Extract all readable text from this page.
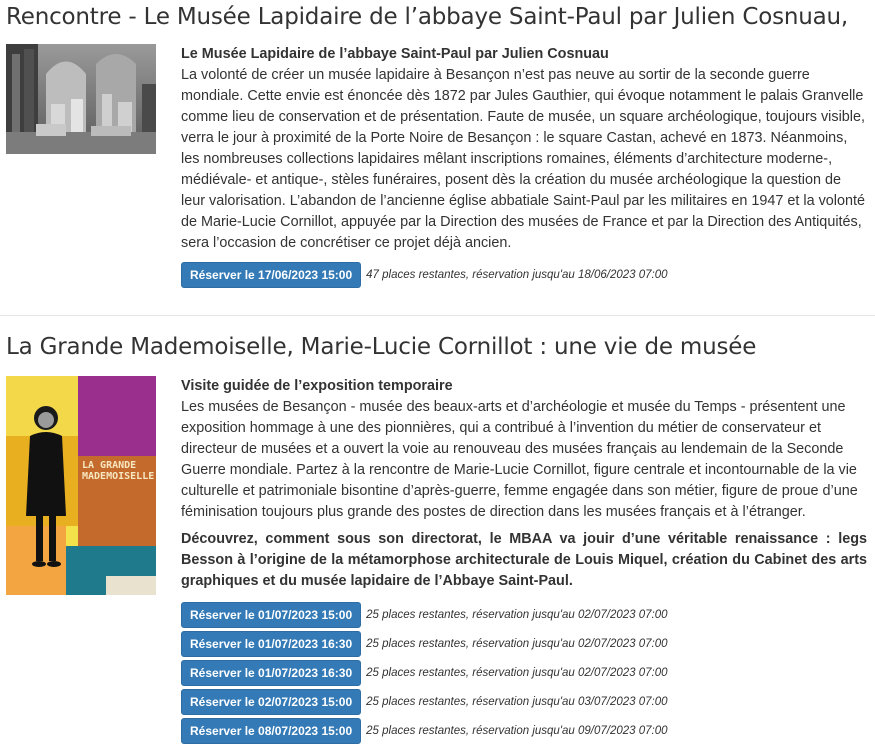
Rencontre - Le Musée Lapidaire de l’abbaye Saint-Paul par Julien Cosnuau,

Le Musée Lapidaire de l’abbaye Saint-Paul par Julien Cosnuau

La volonté de créer un musée lapidaire à Besançon n’est pas neuve au sortir de la seconde guerre mondiale. Cette envie est énoncée dès 1872 par Jules Gauthier, qui évoque notamment le palais Granvelle comme lieu de conservation et de présentation. Faute de musée, un square archéologique, toujours visible, verra le jour à proximité de la Porte Noire de Besançon : le square Castan, achevé en 1873. Néanmoins, les nombreuses collections lapidaires mêlant inscriptions romaines, éléments d’architecture moderne-, médiévale- et antique-, stèles funéraires, posent dès la création du musée archéologique la question de leur valorisation. L’abandon de l’ancienne église abbatiale Saint-Paul par les militaires en 1947 et la volonté de Marie-Lucie Cornillot, appuyée par la Direction des musées de France et par la Direction des Antiquités, sera l’occasion de concrétiser ce projet déjà ancien.

Réserver le 17/06/2023 15:00	47 places restantes, réservation jusqu'au 18/06/2023 07:00
La Grande Mademoiselle, Marie-Lucie Cornillot : une vie de musée
LA GRANDE MADEMOISELLE

Visite guidée de l’exposition temporaire

Les musées de Besançon - musée des beaux-arts et d’archéologie et musée du Temps - présentent une exposition hommage à une des pionnières, qui a contribué à l’invention du métier de conservateur et directeur de musées et a ouvert la voie au renouveau des musées français au lendemain de la Seconde Guerre mondiale. Partez à la rencontre de Marie-Lucie Cornillot, figure centrale et incontournable de la vie culturelle et patrimoniale bisontine d’après-guerre, femme engagée dans son métier, figure de proue d’une féminisation toujours plus grande des postes de direction dans les musées français et à l’étranger.

Découvrez, comment sous son directorat, le MBAA va jouir d’une véritable renaissance : legs Besson à l’origine de la métamorphose architecturale de Louis Miquel, création du Cabinet des arts graphiques et du musée lapidaire de l’Abbaye Saint-Paul.

Réserver le 01/07/2023 15:00	25 places restantes, réservation jusqu'au 02/07/2023 07:00
Réserver le 01/07/2023 16:30	25 places restantes, réservation jusqu'au 02/07/2023 07:00
Réserver le 01/07/2023 16:30	25 places restantes, réservation jusqu'au 02/07/2023 07:00
Réserver le 02/07/2023 15:00	25 places restantes, réservation jusqu'au 03/07/2023 07:00
Réserver le 08/07/2023 15:00	25 places restantes, réservation jusqu'au 09/07/2023 07:00
